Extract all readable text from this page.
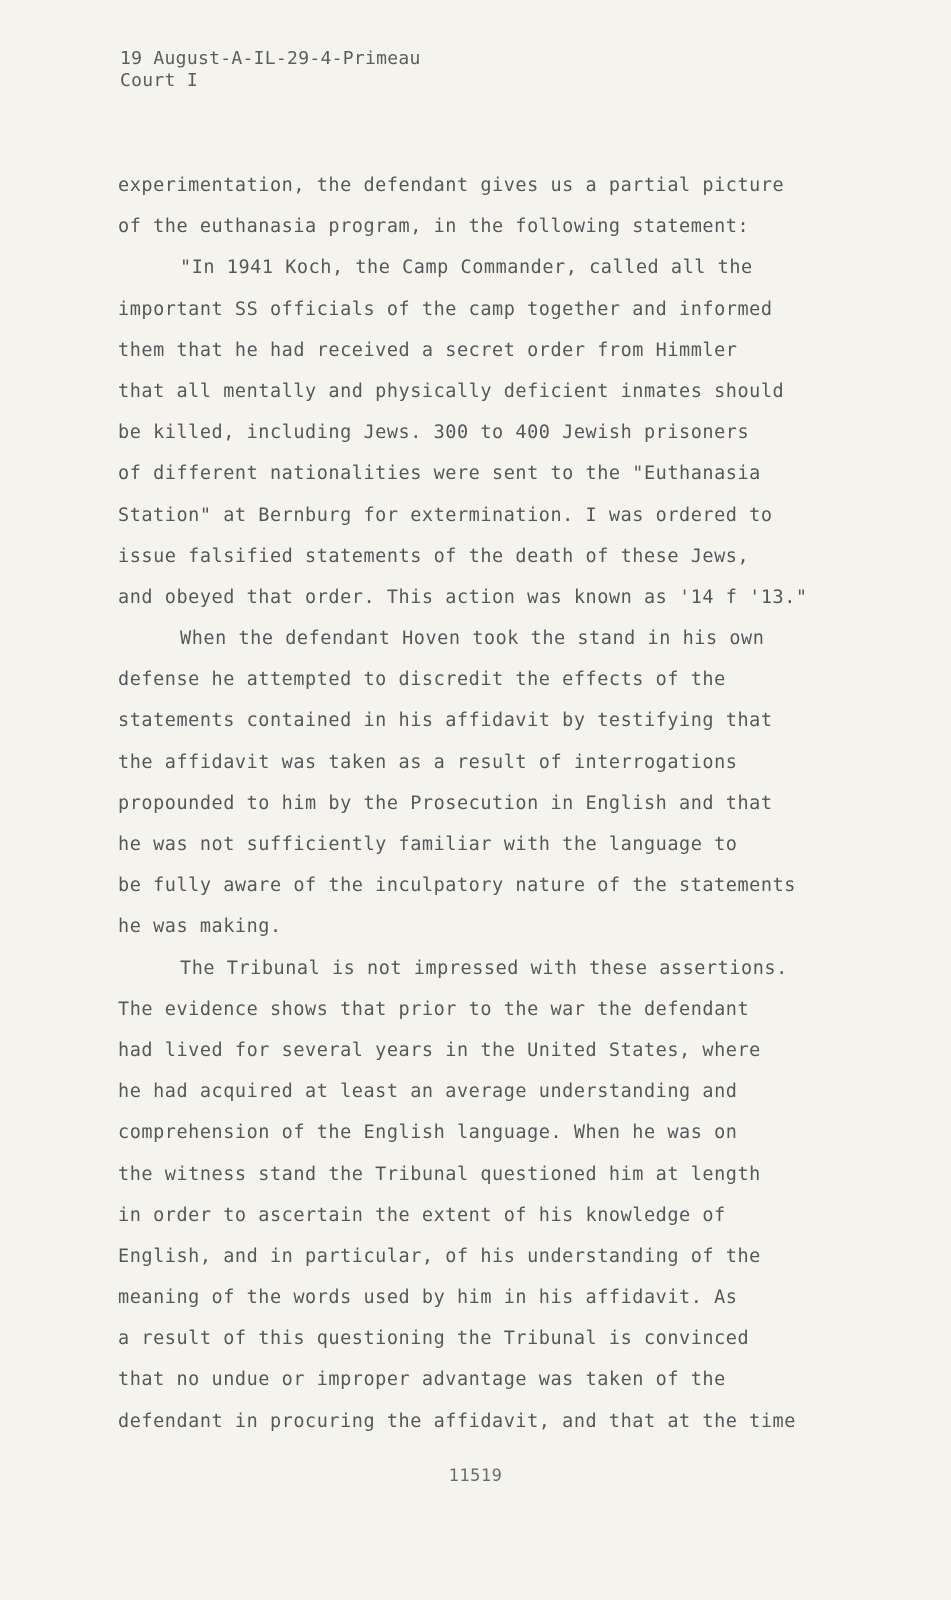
19 August-A-IL-29-4-Primeau
Court I
experimentation, the defendant gives us a partial picture
of the euthanasia program, in the following statement:
"In 1941 Koch, the Camp Commander, called all the
important SS officials of the camp together and informed
them that he had received a secret order from Himmler
that all mentally and physically deficient inmates should
be killed, including Jews. 300 to 400 Jewish prisoners
of different nationalities were sent to the "Euthanasia
Station" at Bernburg for extermination. I was ordered to
issue falsified statements of the death of these Jews,
and obeyed that order. This action was known as '14 f '13."
When the defendant Hoven took the stand in his own
defense he attempted to discredit the effects of the
statements contained in his affidavit by testifying that
the affidavit was taken as a result of interrogations
propounded to him by the Prosecution in English and that
he was not sufficiently familiar with the language to
be fully aware of the inculpatory nature of the statements
he was making.
The Tribunal is not impressed with these assertions.
The evidence shows that prior to the war the defendant
had lived for several years in the United States, where
he had acquired at least an average understanding and
comprehension of the English language. When he was on
the witness stand the Tribunal questioned him at length
in order to ascertain the extent of his knowledge of
English, and in particular, of his understanding of the
meaning of the words used by him in his affidavit. As
a result of this questioning the Tribunal is convinced
that no undue or improper advantage was taken of the
defendant in procuring the affidavit, and that at the time
11519
